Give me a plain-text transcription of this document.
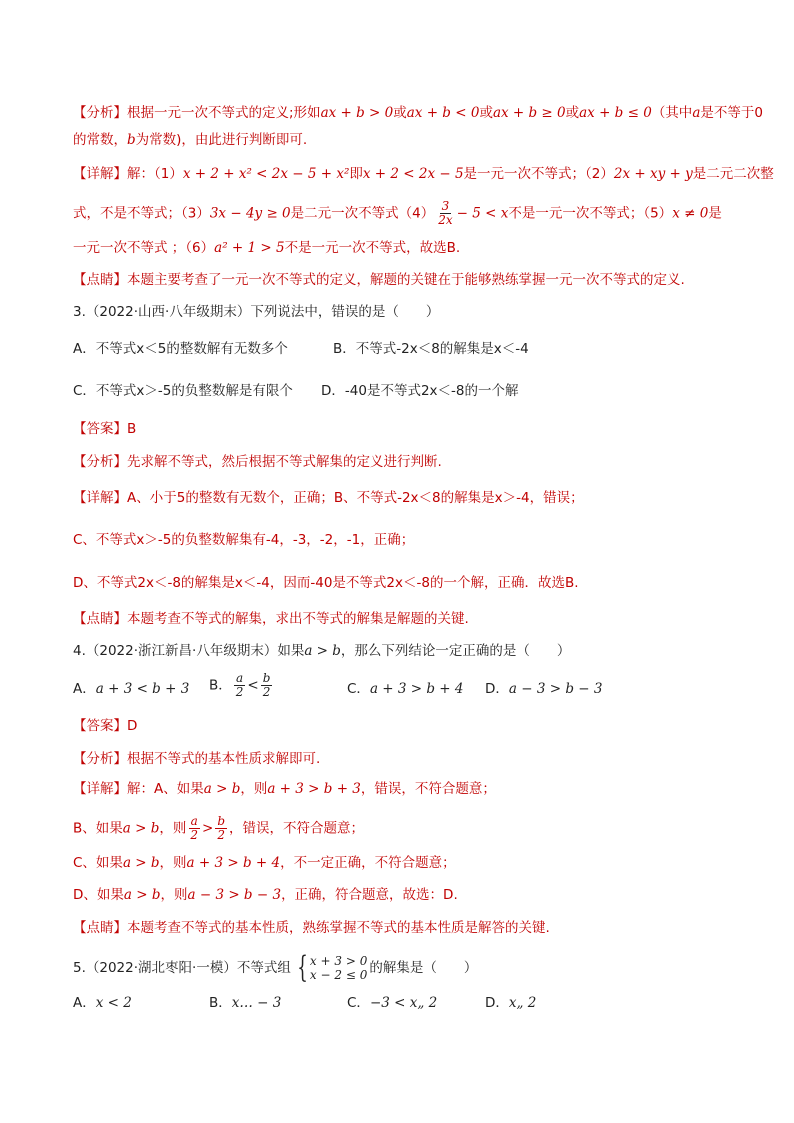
【分析】根据一元一次不等式的定义;形如ax + b > 0或ax + b < 0或ax + b ≥ 0或ax + b ≤ 0（其中a是不等于0
的常数，b为常数)，由此进行判断即可.
【详解】解：（1）x + 2 + x² < 2x − 5 + x²即x + 2 < 2x − 5是一元一次不等式；（2）2x + xy + y是二元二次整
式，不是不等式；（3）3x − 4y ≥ 0是二元一次不等式$(4) \frac{3}{2x} - 5 < x$不是一元一次不等式；（5）x ≠ 0是
一元一次不等式 ；（6）a² + 1 > 5不是一元一次不等式，故选B.
【点睛】本题主要考查了一元一次不等式的定义，解题的关键在于能够熟练掌握一元一次不等式的定义.
3.（2022·山西·八年级期末）下列说法中，错误的是（　　）
A．不等式x＜5的整数解有无数多个	B．不等式-2x＜8的解集是x＜-4
C．不等式x＞-5的负整数解是有限个 D．-40是不等式2x＜-8的一个解
【答案】B
【分析】先求解不等式，然后根据不等式解集的定义进行判断.
【详解】A、小于5的整数有无数个，正确；B、不等式-2x＜8的解集是x＞-4，错误；
C、不等式x＞-5的负整数解集有-4，-3，-2，-1，正确；
D、不等式2x＜-8的解集是x＜-4，因而-40是不等式2x＜-8的一个解，正确．故选B.
【点睛】本题考查不等式的解集，求出不等式的解集是解题的关键.
4.（2022·浙江新昌·八年级期末）如果a > b，那么下列结论一定正确的是（　　）
A．a + 3 < b + 3 B． $\frac{a}{2} < \frac{b}{2}$	C．a + 3 > b + 4 D．a − 3 > b − 3
【答案】D
【分析】根据不等式的基本性质求解即可.
【详解】解：A、如果a > b，则a + 3 > b + 3，错误，不符合题意；
B、如果a > b，则 $\frac{a}{2} > \frac{b}{2}$ ，错误，不符合题意；
C、如果a > b，则a + 3 > b + 4，不一定正确，不符合题意；
D、如果a > b，则a − 3 > b − 3，正确，符合题意，故选：D.
【点睛】本题考查不等式的基本性质，熟练掌握不等式的基本性质是解答的关键.
5.（2022·湖北枣阳·一模）不等式组 { x + 3 > 0
x − 2 ≤ 0 的解集是（　　）
A．x < 2	B．x… − 3	C．−3 < x„ 2	D．x„ 2
